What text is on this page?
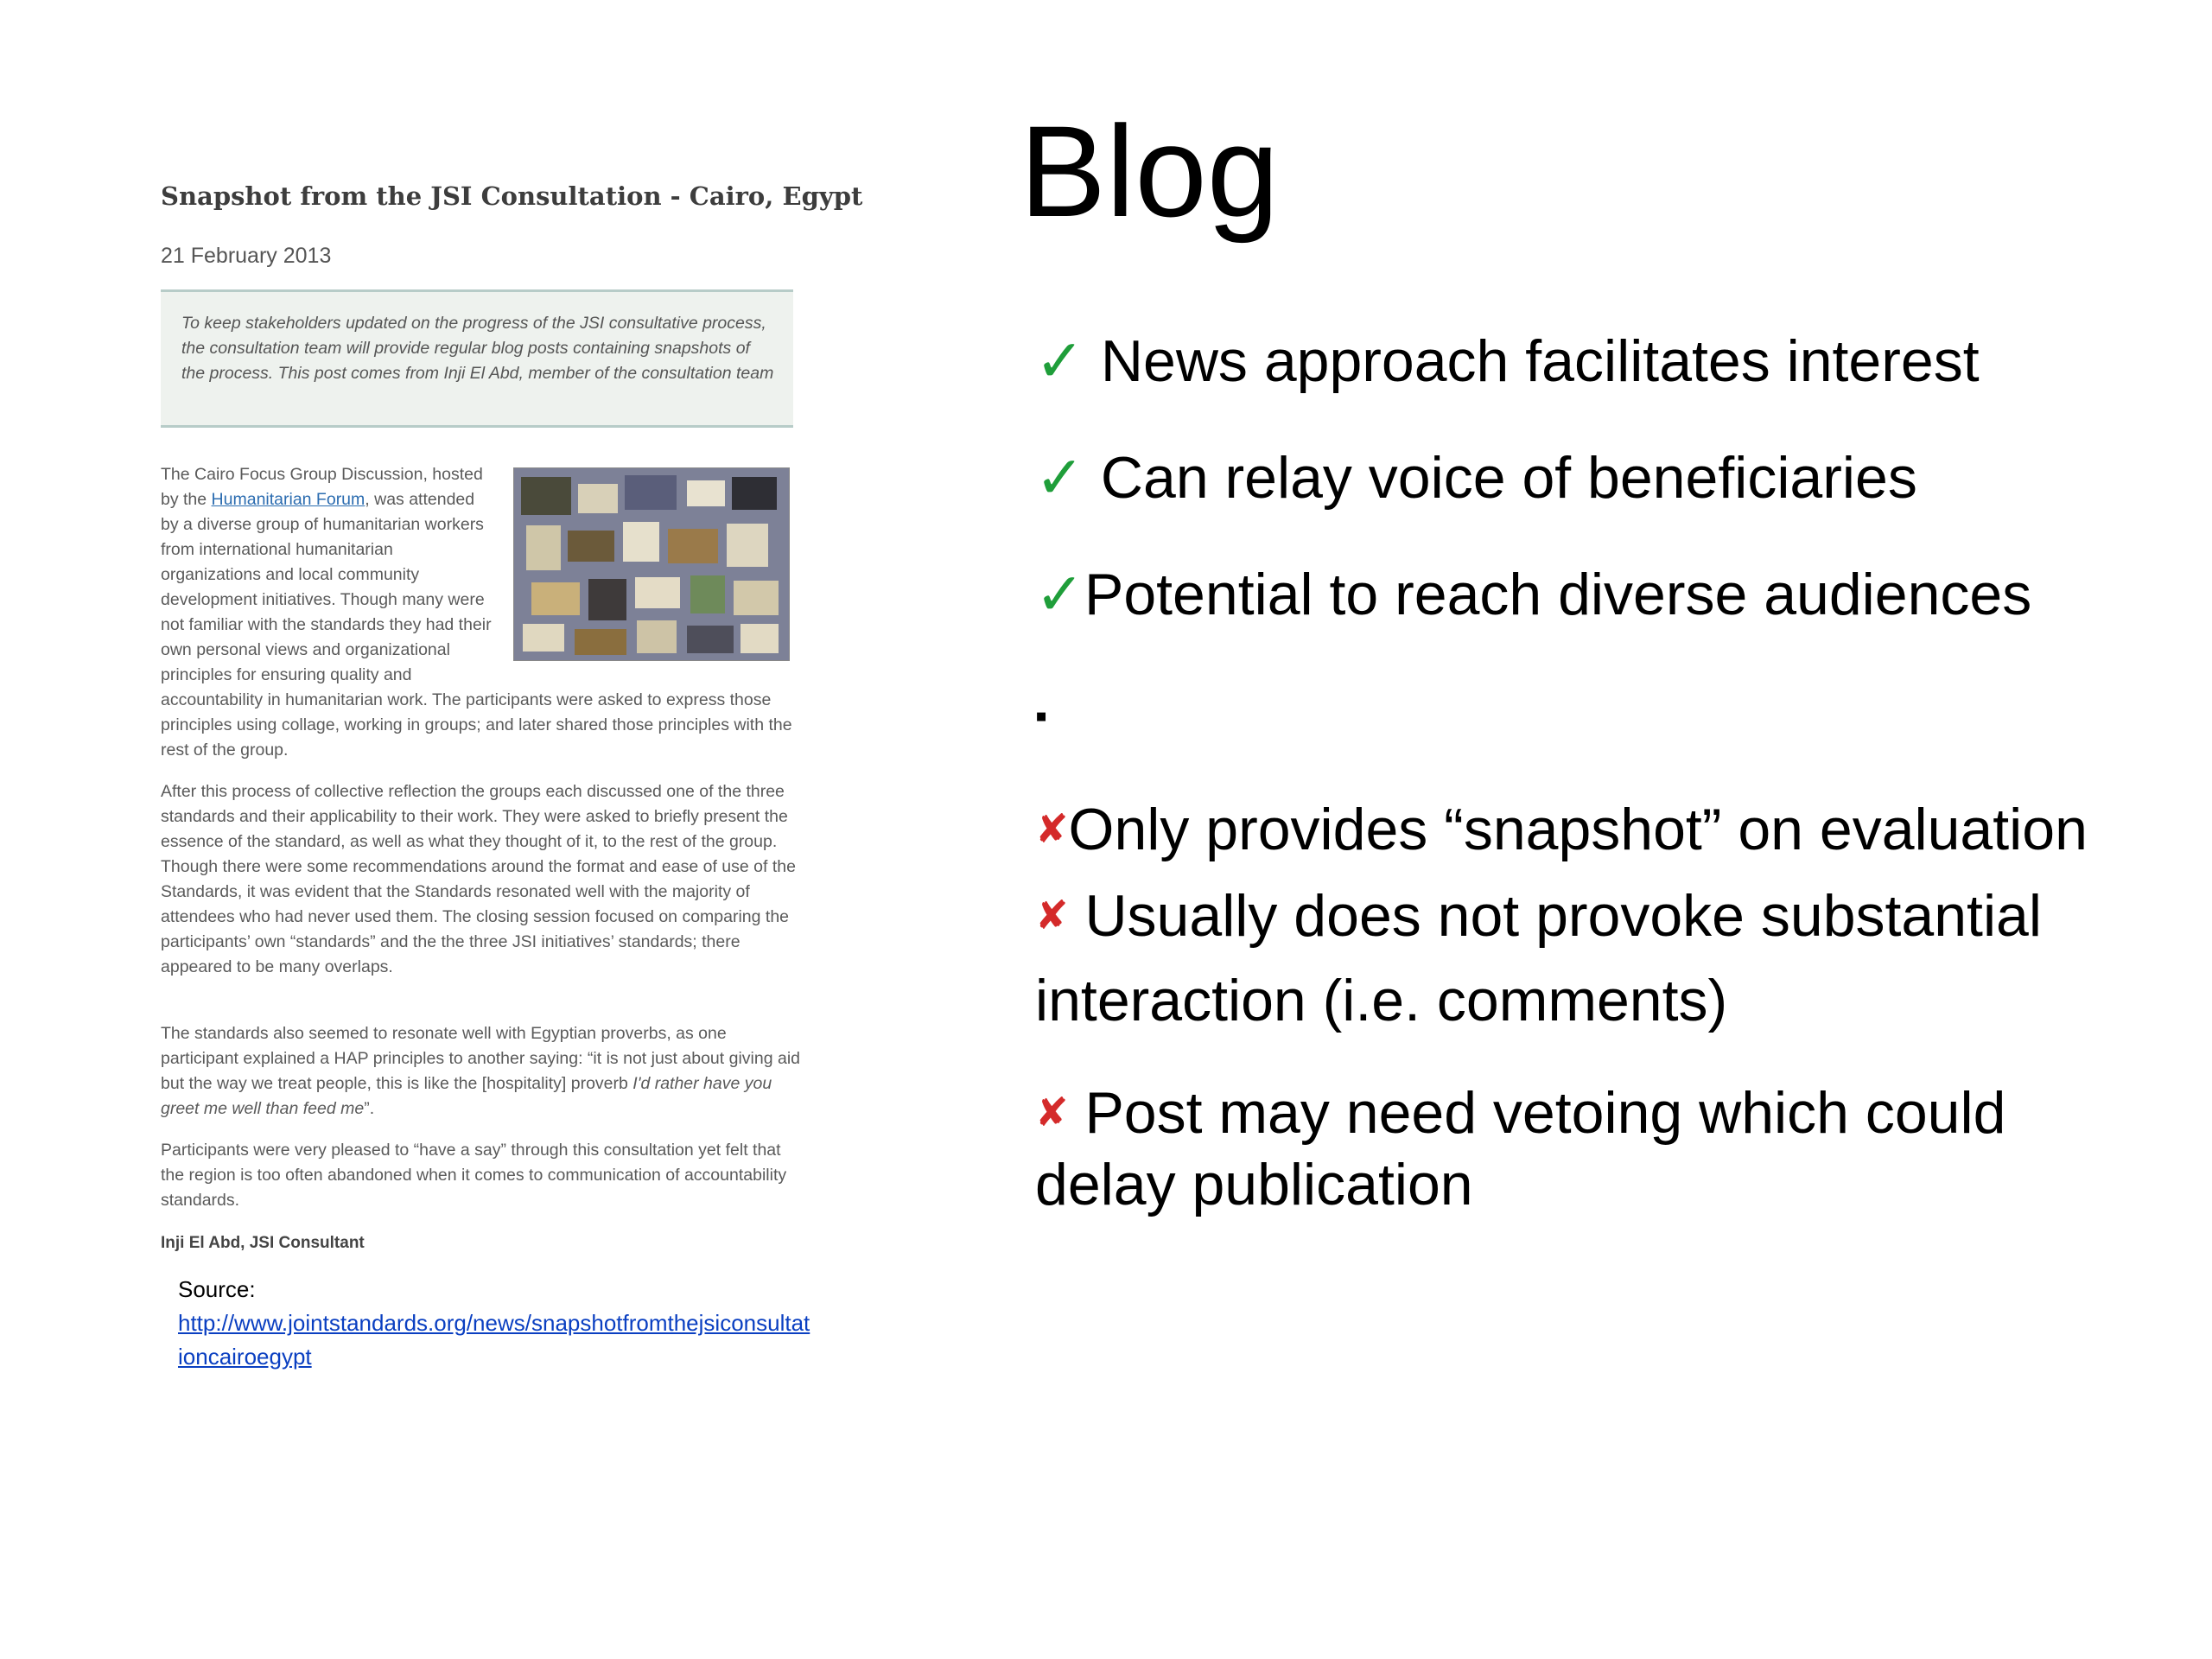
Snapshot from the JSI Consultation - Cairo, Egypt
21 February 2013
To keep stakeholders updated on the progress of the JSI consultative process, the consultation team will provide regular blog posts containing snapshots of the process. This post comes from Inji El Abd, member of the consultation team
The Cairo Focus Group Discussion, hosted by the Humanitarian Forum, was attended by a diverse group of humanitarian workers from international humanitarian organizations and local community development initiatives. Though many were not familiar with the standards they had their own personal views and organizational principles for ensuring quality and accountability in humanitarian work. The participants were asked to express those principles using collage, working in groups; and later shared those principles with the rest of the group.
After this process of collective reflection the groups each discussed one of the three standards and their applicability to their work. They were asked to briefly present the essence of the standard, as well as what they thought of it, to the rest of the group. Though there were some recommendations around the format and ease of use of the Standards, it was evident that the Standards resonated well with the majority of attendees who had never used them. The closing session focused on comparing the participants’ own “standards” and the the three JSI initiatives’ standards; there appeared to be many overlaps.
The standards also seemed to resonate well with Egyptian proverbs, as one participant explained a HAP principles to another saying: “it is not just about giving aid but the way we treat people, this is like the [hospitality] proverb I'd rather have you greet me well than feed me”.
Participants were very pleased to “have a say” through this consultation yet felt that the region is too often abandoned when it comes to communication of accountability standards.
Inji El Abd, JSI Consultant
Source:
http://www.jointstandards.org/news/snapshotfromthejsiconsultat
ioncairoegypt
Blog
✓ News approach facilitates interest
✓ Can relay voice of beneficiaries
✓Potential to reach diverse audiences
▪
✘Only provides “snapshot” on evaluation
✘ Usually does not provoke substantial
interaction (i.e. comments)
✘ Post may need vetoing which could
delay publication
